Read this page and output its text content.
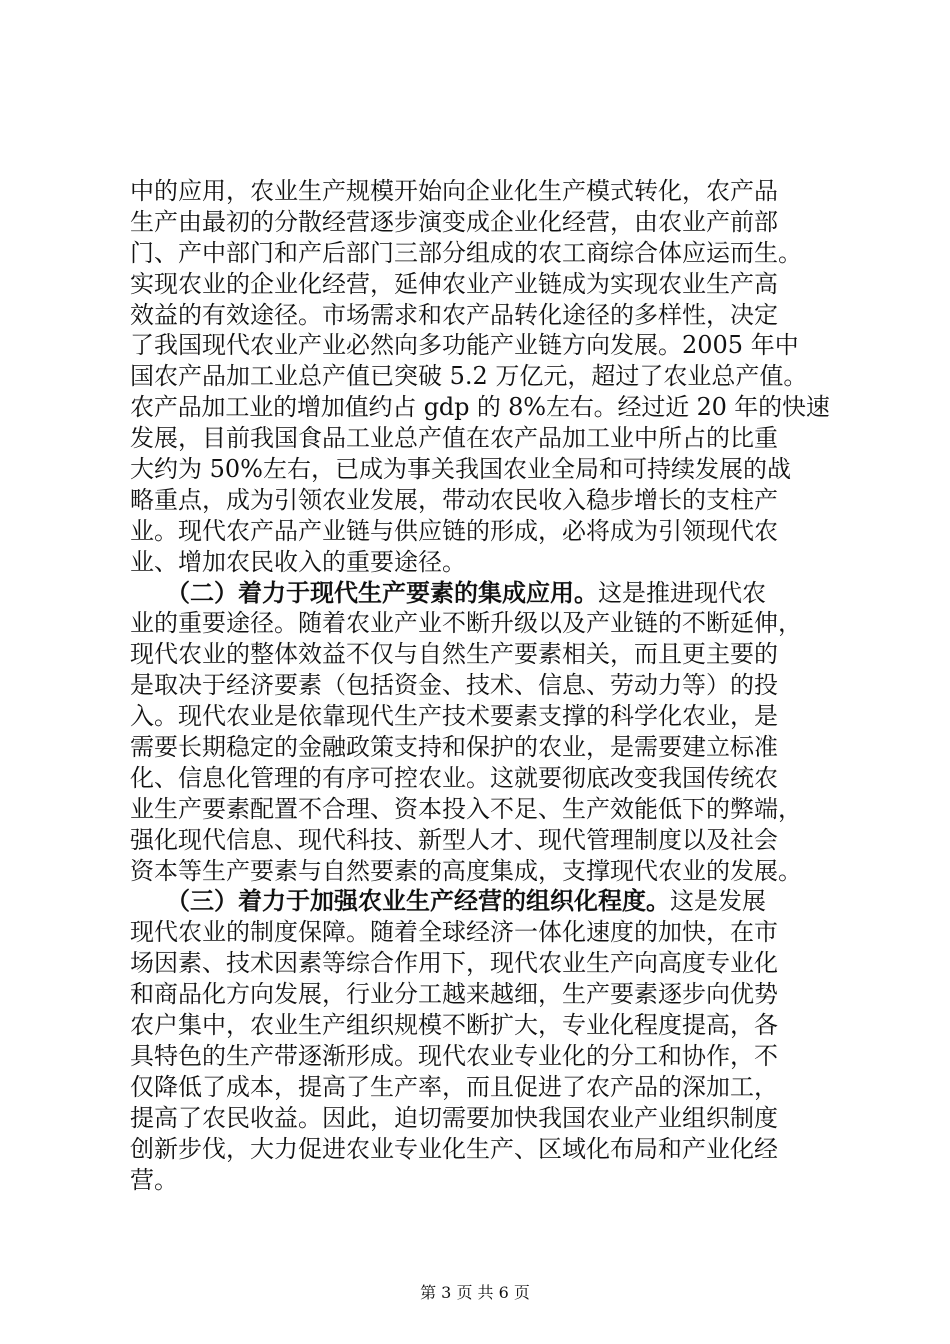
中的应用，农业生产规模开始向企业化生产模式转化，农产品
生产由最初的分散经营逐步演变成企业化经营，由农业产前部
门、产中部门和产后部门三部分组成的农工商综合体应运而生。
实现农业的企业化经营，延伸农业产业链成为实现农业生产高
效益的有效途径。市场需求和农产品转化途径的多样性，决定
了我国现代农业产业必然向多功能产业链方向发展。2005 年中
国农产品加工业总产值已突破 5.2 万亿元，超过了农业总产值。
农产品加工业的增加值约占 gdp 的 8%左右。经过近 20 年的快速
发展，目前我国食品工业总产值在农产品加工业中所占的比重
大约为 50%左右，已成为事关我国农业全局和可持续发展的战
略重点，成为引领农业发展，带动农民收入稳步增长的支柱产
业。现代农产品产业链与供应链的形成，必将成为引领现代农
业、增加农民收入的重要途径。
　　（二）着力于现代生产要素的集成应用。这是推进现代农
业的重要途径。随着农业产业不断升级以及产业链的不断延伸，
现代农业的整体效益不仅与自然生产要素相关，而且更主要的
是取决于经济要素（包括资金、技术、信息、劳动力等）的投
入。现代农业是依靠现代生产技术要素支撑的科学化农业，是
需要长期稳定的金融政策支持和保护的农业，是需要建立标准
化、信息化管理的有序可控农业。这就要彻底改变我国传统农
业生产要素配置不合理、资本投入不足、生产效能低下的弊端，
强化现代信息、现代科技、新型人才、现代管理制度以及社会
资本等生产要素与自然要素的高度集成，支撑现代农业的发展。
　　（三）着力于加强农业生产经营的组织化程度。这是发展
现代农业的制度保障。随着全球经济一体化速度的加快，在市
场因素、技术因素等综合作用下，现代农业生产向高度专业化
和商品化方向发展，行业分工越来越细，生产要素逐步向优势
农户集中，农业生产组织规模不断扩大，专业化程度提高，各
具特色的生产带逐渐形成。现代农业专业化的分工和协作，不
仅降低了成本，提高了生产率，而且促进了农产品的深加工，
提高了农民收益。因此，迫切需要加快我国农业产业组织制度
创新步伐，大力促进农业专业化生产、区域化布局和产业化经
营。
第 3 页 共 6 页
